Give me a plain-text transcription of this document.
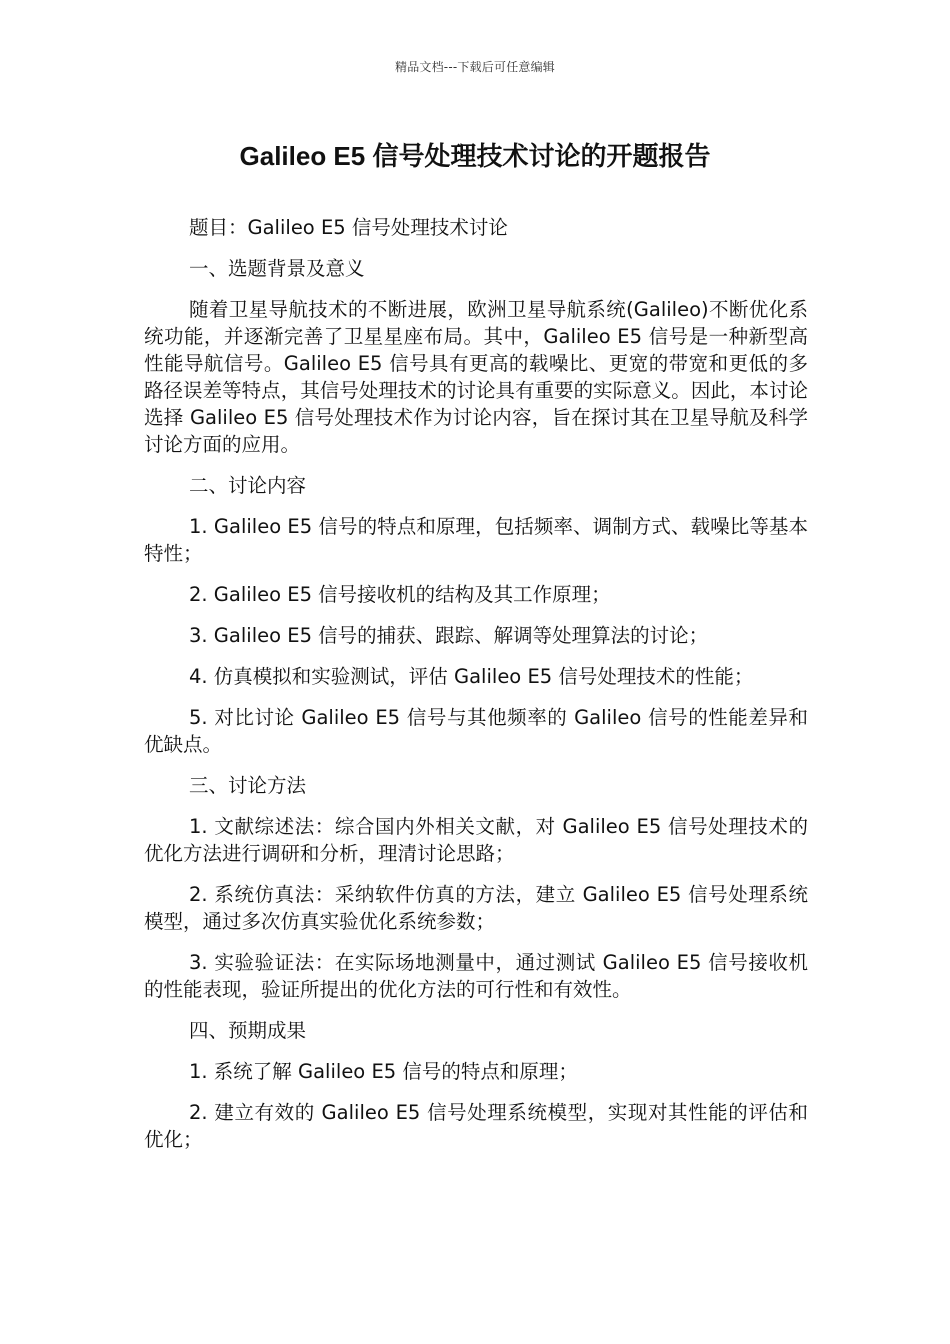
精品文档---下载后可任意编辑
Galileo E5 信号处理技术讨论的开题报告

题目：Galileo E5 信号处理技术讨论

一、选题背景及意义

随着卫星导航技术的不断进展，欧洲卫星导航系统(Galileo)不断优化系统功能，并逐渐完善了卫星星座布局。其中，Galileo E5 信号是一种新型高性能导航信号。Galileo E5 信号具有更高的载噪比、更宽的带宽和更低的多路径误差等特点，其信号处理技术的讨论具有重要的实际意义。因此，本讨论选择 Galileo E5 信号处理技术作为讨论内容，旨在探讨其在卫星导航及科学讨论方面的应用。

二、讨论内容

1. Galileo E5 信号的特点和原理，包括频率、调制方式、载噪比等基本特性；

2. Galileo E5 信号接收机的结构及其工作原理；

3. Galileo E5 信号的捕获、跟踪、解调等处理算法的讨论；

4. 仿真模拟和实验测试，评估 Galileo E5 信号处理技术的性能；

5. 对比讨论 Galileo E5 信号与其他频率的 Galileo 信号的性能差异和优缺点。

三、讨论方法

1. 文献综述法：综合国内外相关文献，对 Galileo E5 信号处理技术的优化方法进行调研和分析，理清讨论思路；

2. 系统仿真法：采纳软件仿真的方法，建立 Galileo E5 信号处理系统模型，通过多次仿真实验优化系统参数；

3. 实验验证法：在实际场地测量中，通过测试 Galileo E5 信号接收机的性能表现，验证所提出的优化方法的可行性和有效性。

四、预期成果

1. 系统了解 Galileo E5 信号的特点和原理；

2. 建立有效的 Galileo E5 信号处理系统模型，实现对其性能的评估和优化；
